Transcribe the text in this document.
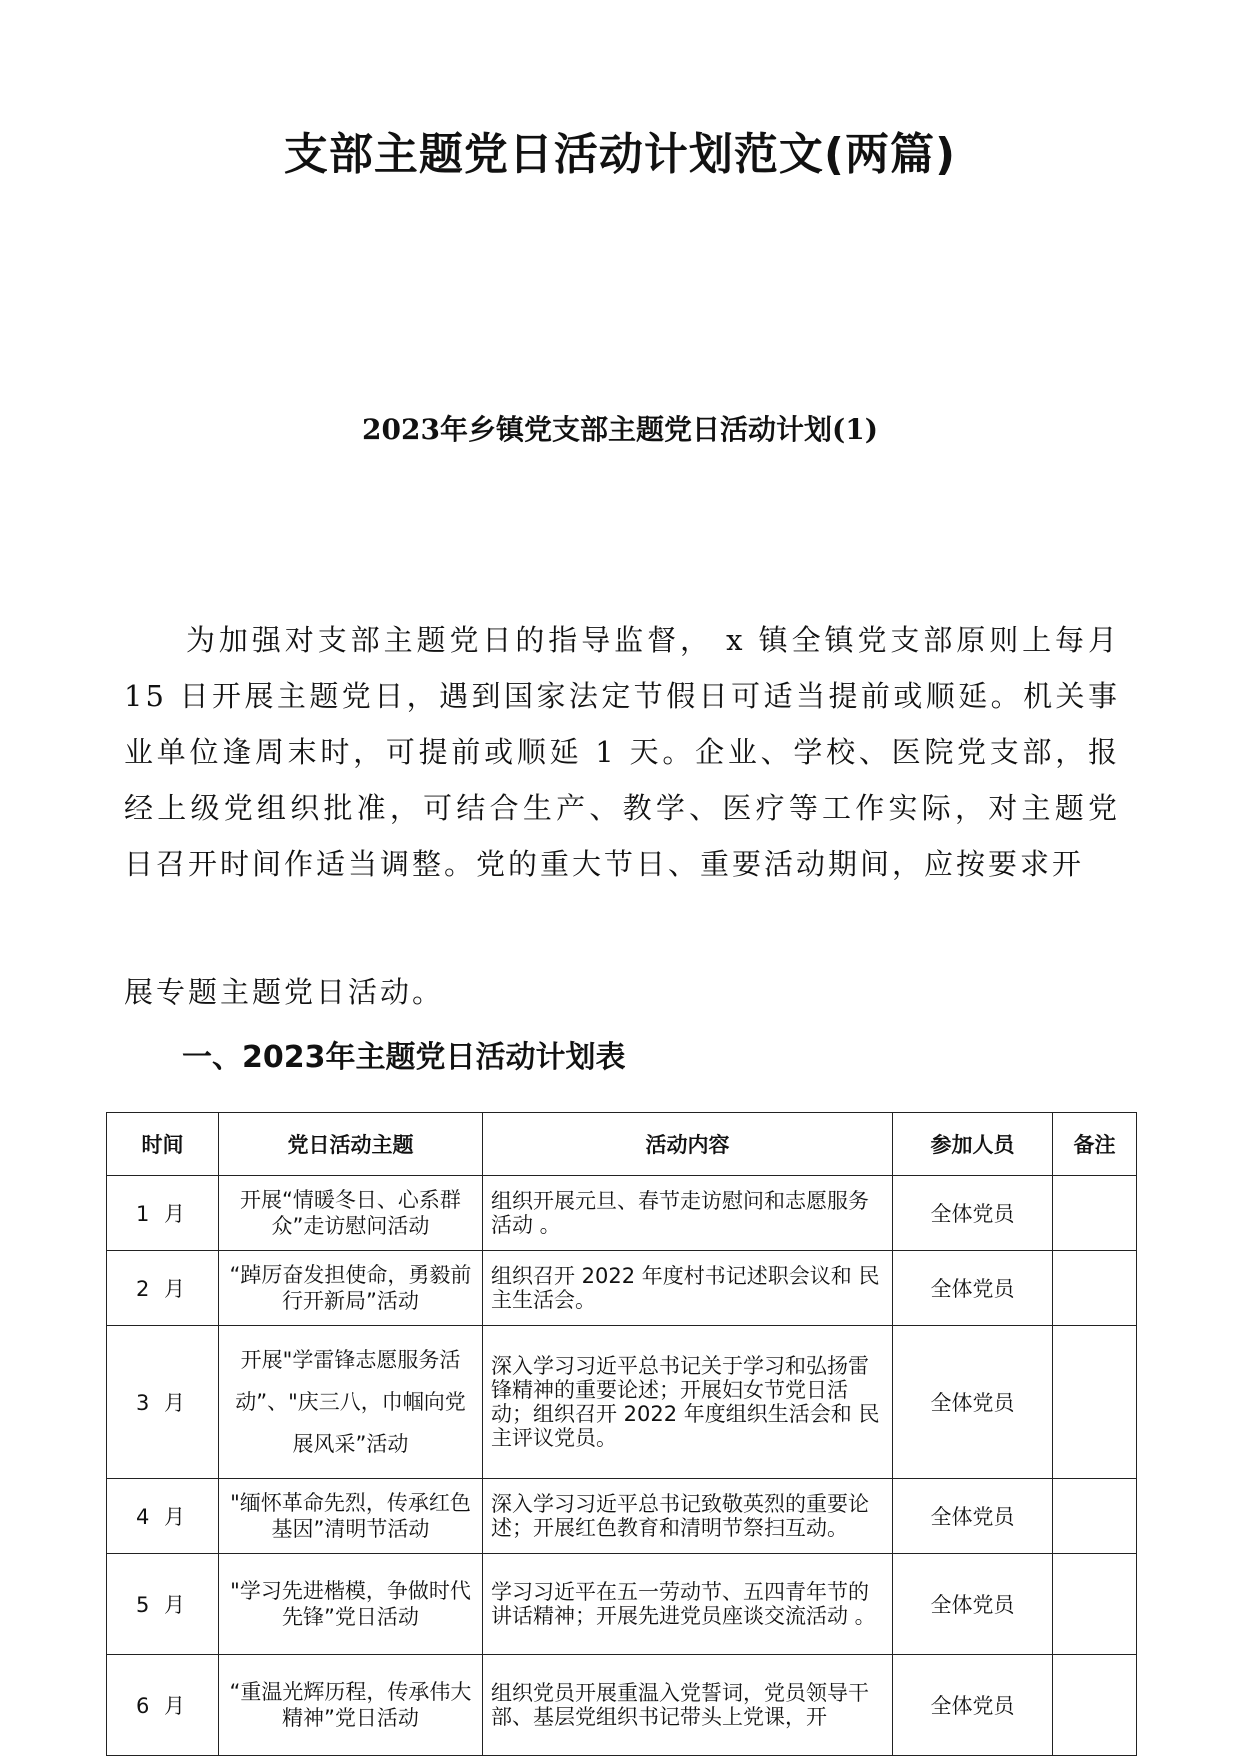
支部主题党日活动计划范文(两篇)
2023年乡镇党支部主题党日活动计划(1)

为加强对支部主题党日的指导监督， x 镇全镇党支部原则上每月 15 日开展主题党日，遇到国家法定节假日可适当提前或顺延。机关事　业单位逢周末时，可提前或顺延 1 天。企业、学校、医院党支部，报　经上级党组织批准，可结合生产、教学、医疗等工作实际，对主题党　日召开时间作适当调整。党的重大节日、重要活动期间，应按要求开

展专题主题党日活动。

一、2023年主题党日活动计划表
时间	党日活动主题	活动内容	参加人员	备注
1 月	开展“情暖冬日、心系群众”走访慰问活动	组织开展元旦、春节走访慰问和志愿服务活动 。	全体党员	
2 月	“踔厉奋发担使命，勇毅前行开新局”活动	组织召开 2022 年度村书记述职会议和 民主生活会。	全体党员	
3 月	开展"学雷锋志愿服务活动”、"庆三八，巾帼向党展风采”活动	深入学习习近平总书记关于学习和弘扬雷锋精神的重要论述；开展妇女节党日活动；组织召开 2022 年度组织生活会和 民主评议党员。	全体党员	
4 月	"缅怀革命先烈，传承红色基因”清明节活动	深入学习习近平总书记致敬英烈的重要论述；开展红色教育和清明节祭扫互动。	全体党员	
5 月	"学习先进楷模，争做时代先锋”党日活动	学习习近平在五一劳动节、五四青年节的讲话精神；开展先进党员座谈交流活动 。	全体党员	
6 月	“重温光辉历程，传承伟大精神”党日活动	组织党员开展重温入党誓词，党员领导干部、基层党组织书记带头上党课，开	全体党员	
